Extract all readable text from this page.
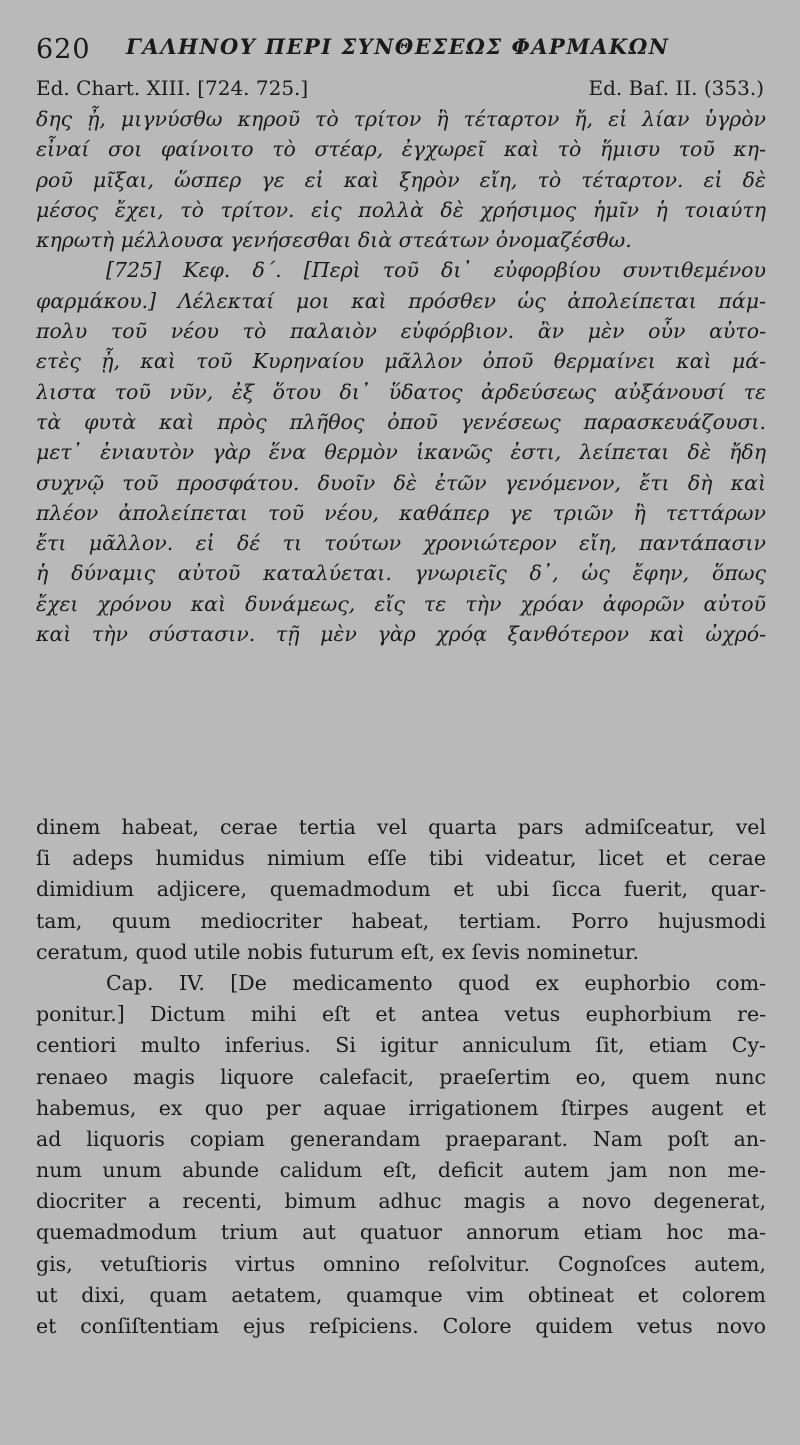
620 ΓΑΛΗΝΟΥ ΠΕΡΙ ΣΥΝΘΕΣΕΩΣ ΦΑΡΜΑΚΩΝ
Ed. Chart. XIII. [724. 725.]	Ed. Baſ. II. (353.)
δης ᾖ, μιγνύσθω κηροῦ τὸ τρίτον ἢ τέταρτον ἤ, εἰ λίαν ὑγρὸν
εἶναί σοι φαίνοιτο τὸ στέαρ, ἐγχωρεῖ καὶ τὸ ἥμισυ τοῦ κη-
ροῦ μῖξαι, ὥσπερ γε εἰ καὶ ξηρὸν εἴη, τὸ τέταρτον. εἰ δὲ
μέσος ἔχει, τὸ τρίτον. εἰς πολλὰ δὲ χρήσιμος ἡμῖν ἡ τοιαύτη
κηρωτὴ μέλλουσα γενήσεσθαι διὰ στεάτων ὀνομαζέσθω.
[725] Κεφ. δ΄. [Περὶ τοῦ δι᾽ εὐφορβίου συντιθεμένου
φαρμάκου.] Λέλεκταί μοι καὶ πρόσθεν ὡς ἀπολείπεται πάμ-
πολυ τοῦ νέου τὸ παλαιὸν εὐφόρβιον. ἂν μὲν οὖν αὐτο-
ετὲς ᾖ, καὶ τοῦ Κυρηναίου μᾶλλον ὀποῦ θερμαίνει καὶ μά-
λιστα τοῦ νῦν, ἐξ ὅτου δι᾽ ὕδατος ἀρδεύσεως αὐξάνουσί τε
τὰ φυτὰ καὶ πρὸς πλῆθος ὀποῦ γενέσεως παρασκευάζουσι.
μετ᾽ ἐνιαυτὸν γὰρ ἕνα θερμὸν ἱκανῶς ἐστι, λείπεται δὲ ἤδη
συχνῷ τοῦ προσφάτου. δυοῖν δὲ ἐτῶν γενόμενον, ἔτι δὴ καὶ
πλέον ἀπολείπεται τοῦ νέου, καθάπερ γε τριῶν ἢ τεττάρων
ἔτι μᾶλλον. εἰ δέ τι τούτων χρονιώτερον εἴη, παντάπασιν
ἡ δύναμις αὐτοῦ καταλύεται. γνωριεῖς δ᾽, ὡς ἔφην, ὅπως
ἔχει χρόνου καὶ δυνάμεως, εἴς τε τὴν χρόαν ἀφορῶν αὐτοῦ
καὶ τὴν σύστασιν. τῇ μὲν γὰρ χρόᾳ ξανθότερον καὶ ὠχρό-
dinem habeat, cerae tertia vel quarta pars admiſceatur, vel
ſi adeps humidus nimium eſſe tibi videatur, licet et cerae
dimidium adjicere, quemadmodum et ubi ſicca fuerit, quar-
tam, quum mediocriter habeat, tertiam. Porro hujusmodi
ceratum, quod utile nobis futurum eſt, ex ſevis nominetur.
Cap. IV. [De medicamento quod ex euphorbio com-
ponitur.] Dictum mihi eſt et antea vetus euphorbium re-
centiori multo inferius. Si igitur anniculum ſit, etiam Cy-
renaeo magis liquore calefacit, praeſertim eo, quem nunc
habemus, ex quo per aquae irrigationem ſtirpes augent et
ad liquoris copiam generandam praeparant. Nam poſt an-
num unum abunde calidum eſt, deficit autem jam non me-
diocriter a recenti, bimum adhuc magis a novo degenerat,
quemadmodum trium aut quatuor annorum etiam hoc ma-
gis, vetuſtioris virtus omnino reſolvitur. Cognoſces autem,
ut dixi, quam aetatem, quamque vim obtineat et colorem
et conſiſtentiam ejus reſpiciens. Colore quidem vetus novo
